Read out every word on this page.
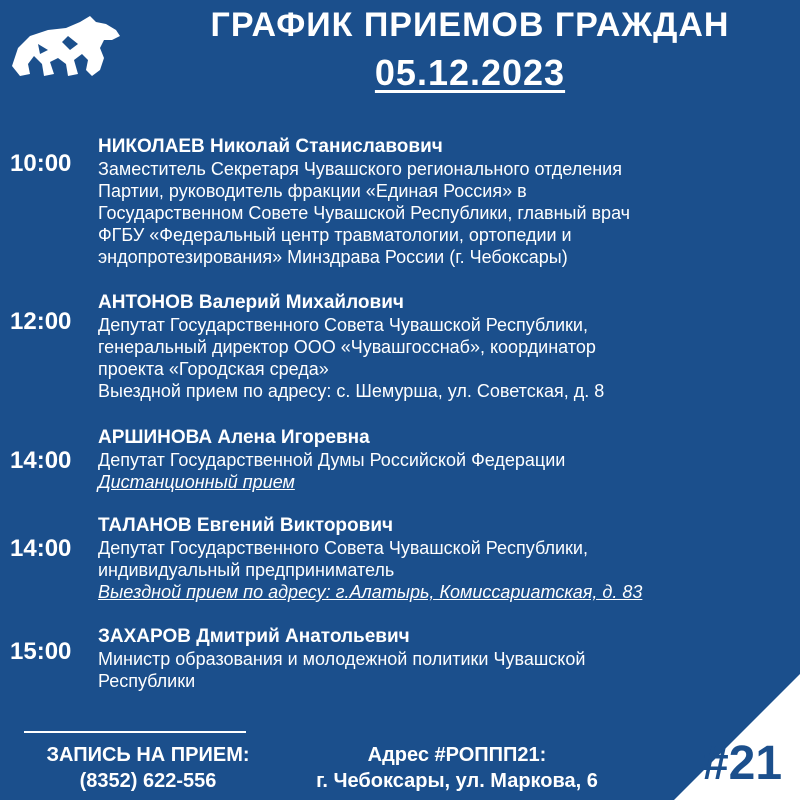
ГРАФИК ПРИЕМОВ ГРАЖДАН
05.12.2023
10:00
НИКОЛАЕВ Николай Станиславович
Заместитель Секретаря Чувашского регионального отделения
Партии, руководитель фракции «Единая Россия» в
Государственном Совете Чувашской Республики, главный врач
ФГБУ «Федеральный центр травматологии, ортопедии и
эндопротезирования» Минздрава России (г. Чебоксары)
12:00
АНТОНОВ Валерий Михайлович
Депутат Государственного Совета Чувашской Республики,
генеральный директор ООО «Чувашгосснаб», координатор
проекта «Городская среда»
Выездной прием по адресу: с. Шемурша, ул. Советская, д. 8
14:00
АРШИНОВА Алена Игоревна
Депутат Государственной Думы Российской Федерации
Дистанционный прием
14:00
ТАЛАНОВ Евгений Викторович
Депутат Государственного Совета Чувашской Республики,
индивидуальный предприниматель
Выездной прием по адресу: г.Алатырь, Комиссариатская, д. 83
15:00
ЗАХАРОВ Дмитрий Анатольевич
Министр образования и молодежной политики Чувашской
Республики
ЗАПИСЬ НА ПРИЕМ:
(8352) 622-556
Адрес #РОППП21:
г. Чебоксары, ул. Маркова, 6	#21
